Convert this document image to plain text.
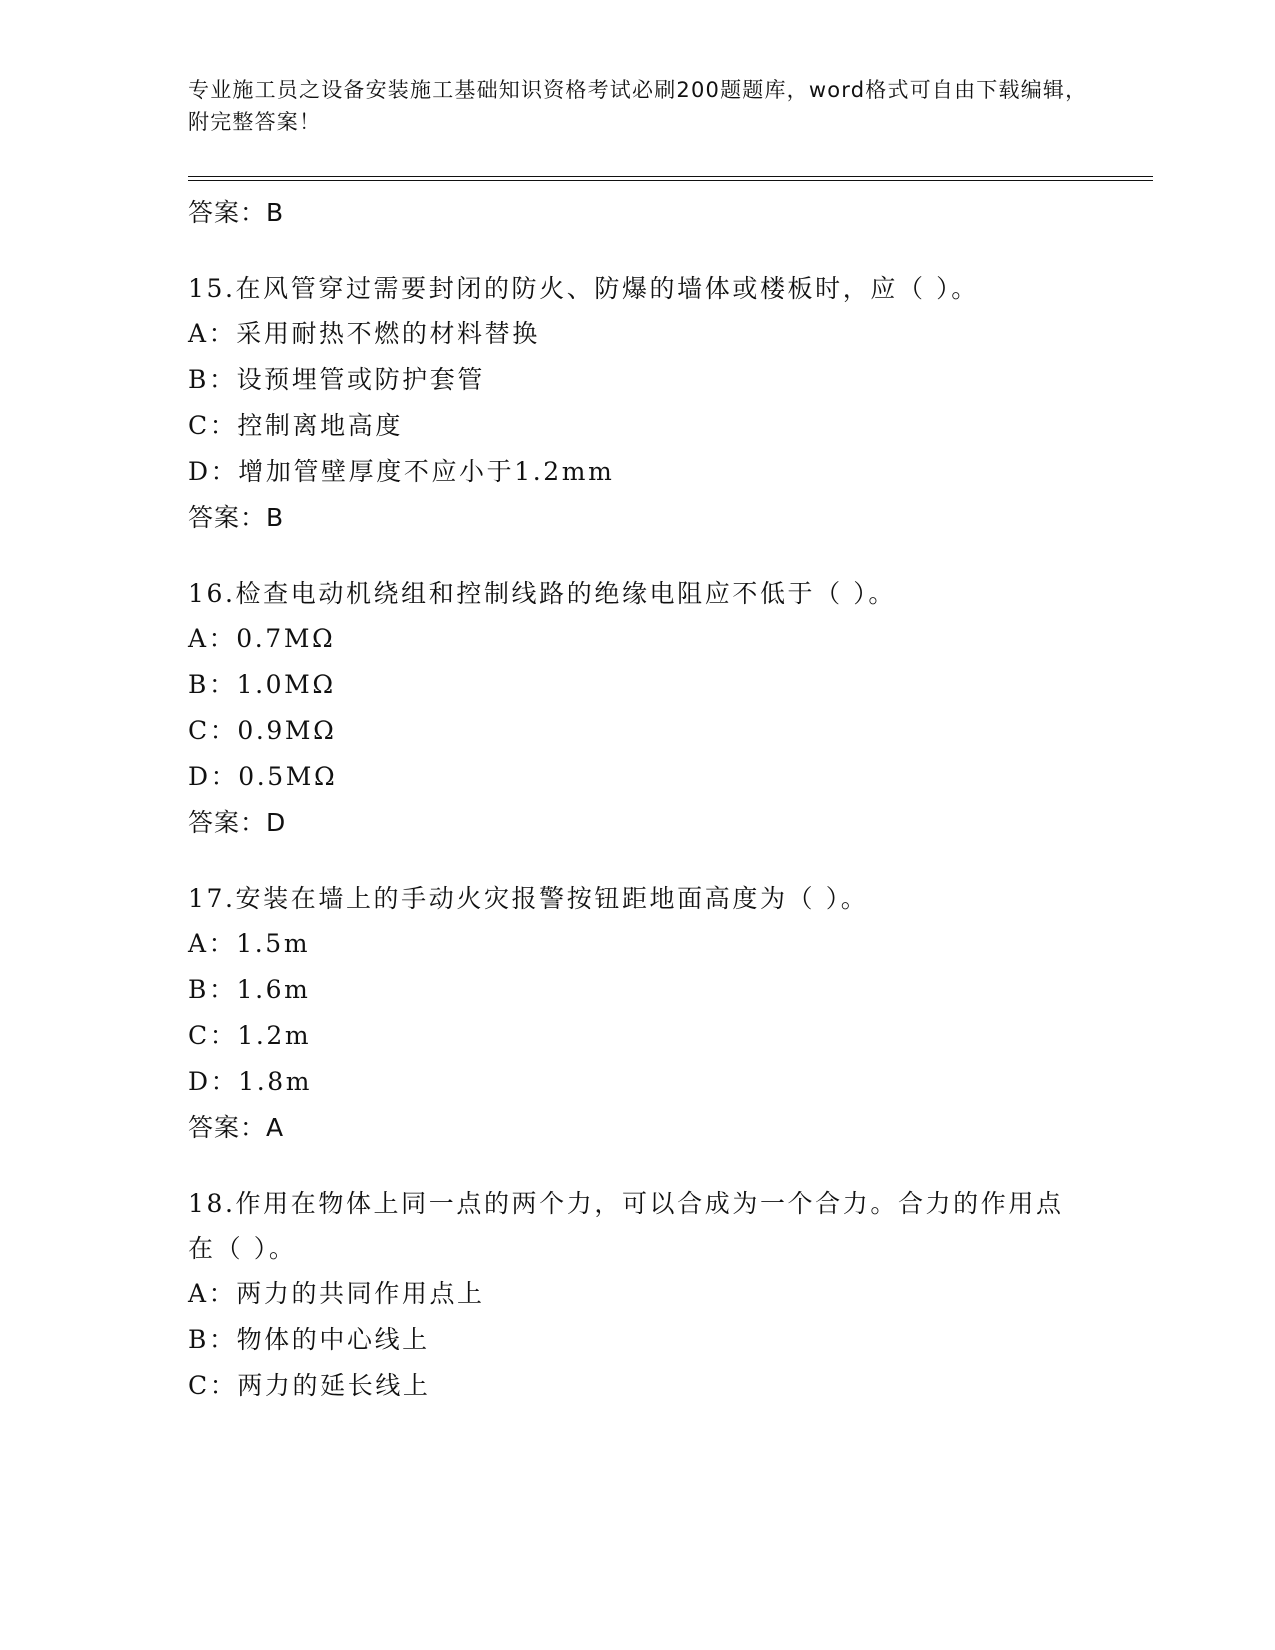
专业施工员之设备安装施工基础知识资格考试必刷200题题库，word格式可自由下载编辑，附完整答案！
答案：B
15.在风管穿过需要封闭的防火、防爆的墙体或楼板时，应（ ）。
A：采用耐热不燃的材料替换
B：设预埋管或防护套管
C：控制离地高度
D：增加管壁厚度不应小于1.2mm
答案：B
16.检查电动机绕组和控制线路的绝缘电阻应不低于（ ）。
A：0.7MΩ
B：1.0MΩ
C：0.9MΩ
D：0.5MΩ
答案：D
17.安装在墙上的手动火灾报警按钮距地面高度为（ ）。
A：1.5m
B：1.6m
C：1.2m
D：1.8m
答案：A
18.作用在物体上同一点的两个力，可以合成为一个合力。合力的作用点在（ ）。
A：两力的共同作用点上
B：物体的中心线上
C：两力的延长线上
